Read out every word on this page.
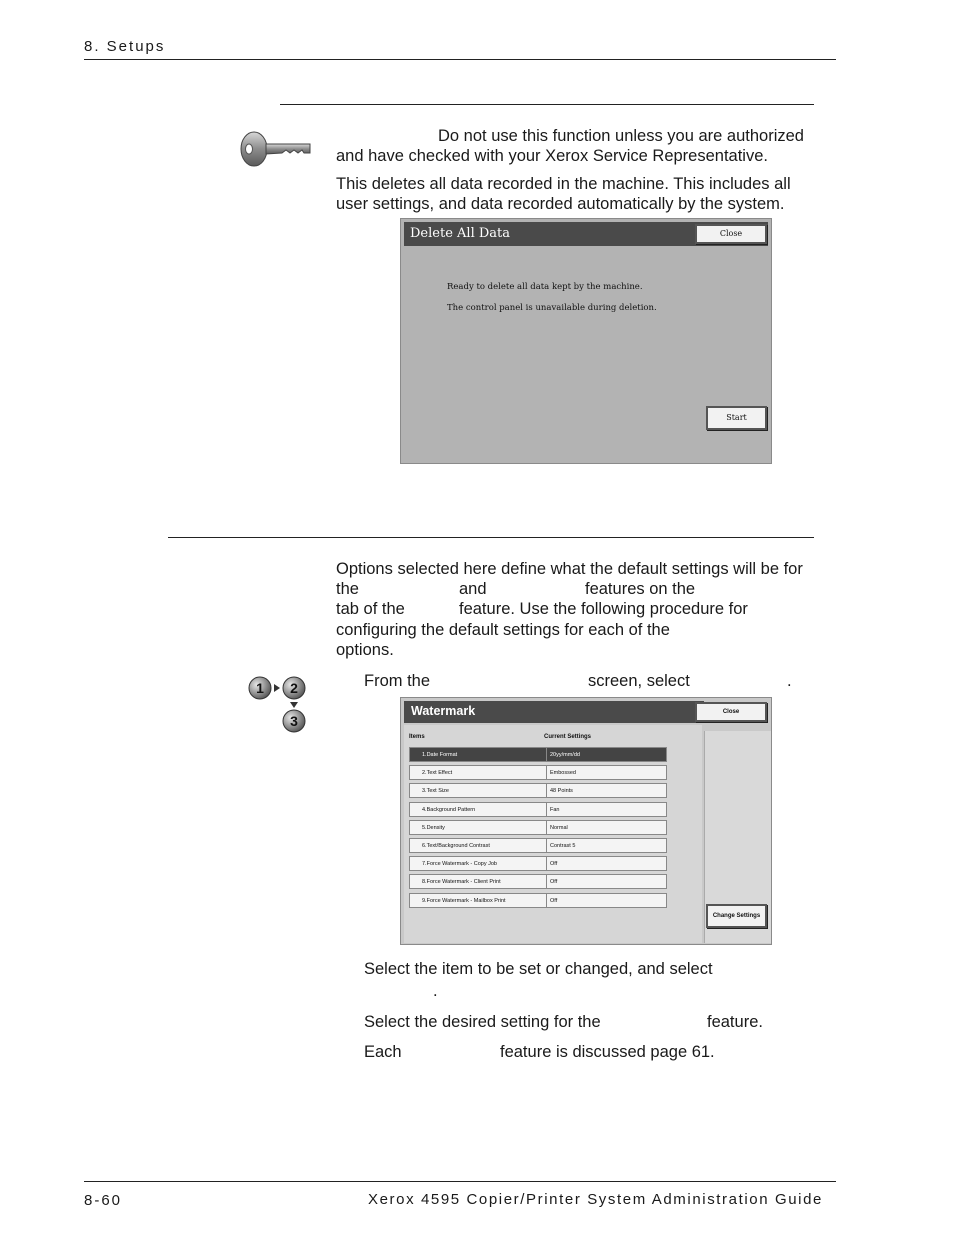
8. Setups

Do not use this function unless you are authorized

and have checked with your Xerox Service Representative.

This deletes all data recorded in the machine. This includes all

user settings, and data recorded automatically by the system.

Delete All Data	Close
Ready to delete all data kept by the machine.
The control panel is unavailable during deletion.
Start

Options selected here define what the default settings will be for

the	and	features on the

tab of the	feature. Use the following procedure for

configuring the default settings for each of the

options.

1 2
3

From the	screen, select	.

Watermark	Close
Items	Current Settings
1.Date Format	20yy/mm/dd
2.Text Effect	Embossed
3.Text Size	48 Points
4.Background Pattern	Fan
5.Density	Normal
6.Text/Background Contrast	Contrast 5
7.Force Watermark - Copy Job	Off
8.Force Watermark - Client Print	Off
9.Force Watermark - Mailbox Print	Off
Change Settings

Select the item to be set or changed, and select

.

Select the desired setting for the	feature.

Each	feature is discussed page 61.

8-60	Xerox 4595 Copier/Printer System Administration Guide
